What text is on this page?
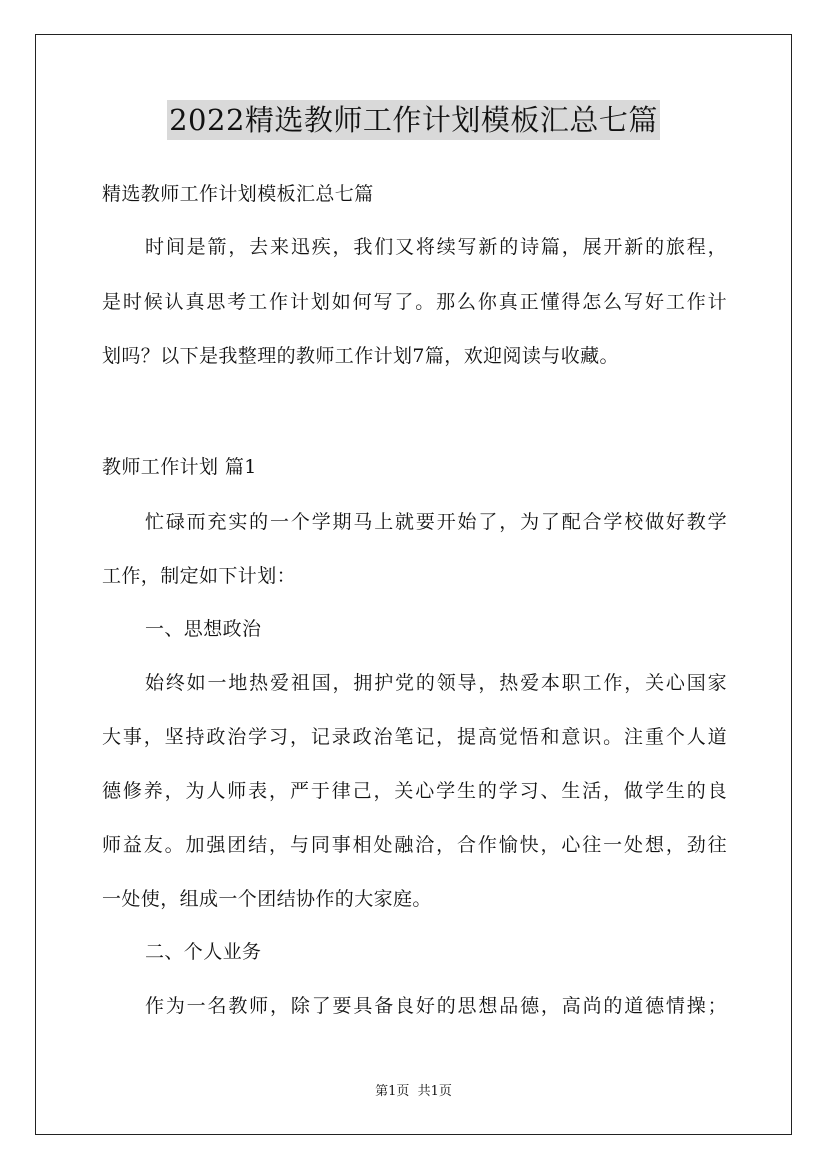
2022精选教师工作计划模板汇总七篇
精选教师工作计划模板汇总七篇
时间是箭，去来迅疾，我们又将续写新的诗篇，展开新的旅程，
是时候认真思考工作计划如何写了。那么你真正懂得怎么写好工作计
划吗？以下是我整理的教师工作计划7篇，欢迎阅读与收藏。
教师工作计划 篇1
忙碌而充实的一个学期马上就要开始了，为了配合学校做好教学
工作，制定如下计划：
一、思想政治
始终如一地热爱祖国，拥护党的领导，热爱本职工作，关心国家
大事，坚持政治学习，记录政治笔记，提高觉悟和意识。注重个人道
德修养，为人师表，严于律己，关心学生的学习、生活，做学生的良
师益友。加强团结，与同事相处融洽，合作愉快，心往一处想，劲往
一处使，组成一个团结协作的大家庭。
二、个人业务
作为一名教师，除了要具备良好的思想品德，高尚的道德情操；
第1页 共1页
